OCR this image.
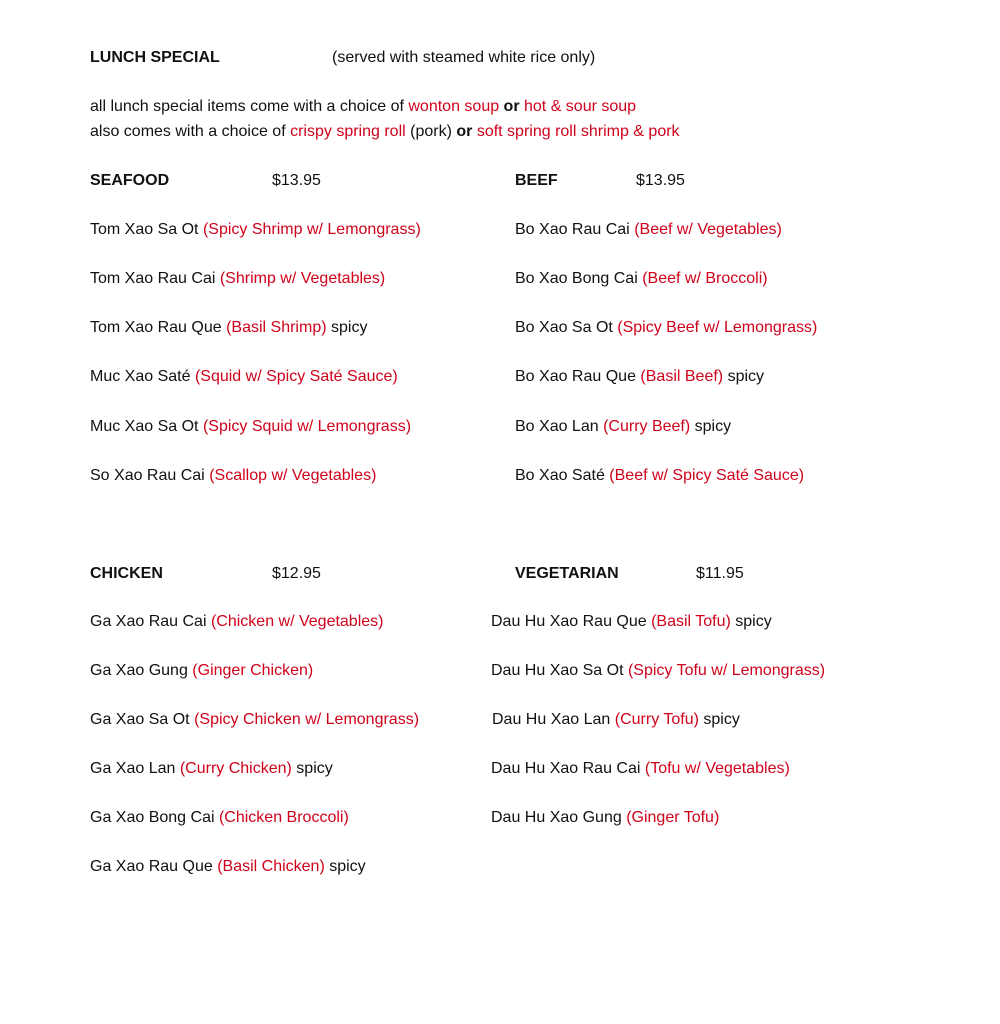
LUNCH SPECIAL	(served with steamed white rice only)
all lunch special items come with a choice of wonton soup or hot & sour soup
also comes with a choice of crispy spring roll (pork) or soft spring roll shrimp & pork
SEAFOOD	$13.95
Tom Xao Sa Ot (Spicy Shrimp w/ Lemongrass)
Tom Xao Rau Cai (Shrimp w/ Vegetables)
Tom Xao Rau Que (Basil Shrimp) spicy
Muc Xao Saté (Squid w/ Spicy Saté Sauce)
Muc Xao Sa Ot (Spicy Squid w/ Lemongrass)
So Xao Rau Cai (Scallop w/ Vegetables)
BEEF	$13.95
Bo Xao Rau Cai (Beef w/ Vegetables)
Bo Xao Bong Cai (Beef w/ Broccoli)
Bo Xao Sa Ot (Spicy Beef w/ Lemongrass)
Bo Xao Rau Que (Basil Beef) spicy
Bo Xao Lan (Curry Beef) spicy
Bo Xao Saté (Beef w/ Spicy Saté Sauce)
CHICKEN	$12.95
Ga Xao Rau Cai (Chicken w/ Vegetables)
Ga Xao Gung (Ginger Chicken)
Ga Xao Sa Ot (Spicy Chicken w/ Lemongrass)
Ga Xao Lan (Curry Chicken) spicy
Ga Xao Bong Cai (Chicken Broccoli)
Ga Xao Rau Que (Basil Chicken) spicy
VEGETARIAN	$11.95
Dau Hu Xao Rau Que (Basil Tofu) spicy
Dau Hu Xao Sa Ot (Spicy Tofu w/ Lemongrass)
Dau Hu Xao Lan (Curry Tofu) spicy
Dau Hu Xao Rau Cai (Tofu w/ Vegetables)
Dau Hu Xao Gung (Ginger Tofu)
